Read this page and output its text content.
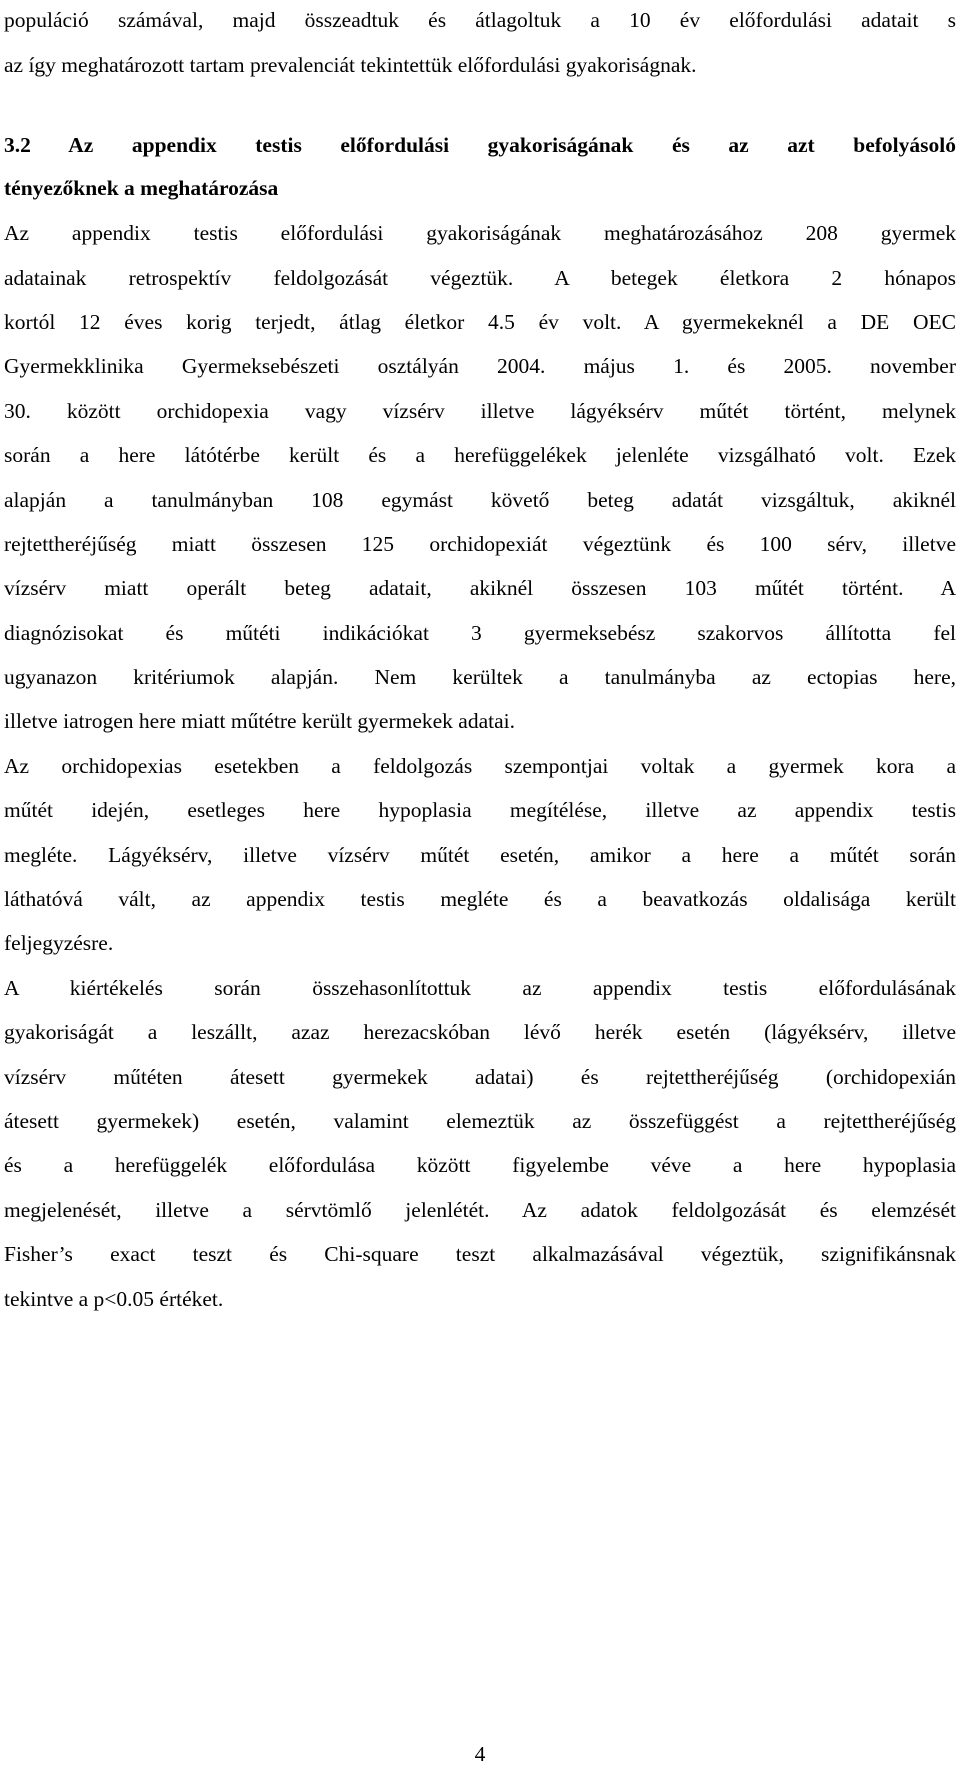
populáció számával, majd összeadtuk és átlagoltuk a 10 év előfordulási adatait s
az így meghatározott tartam prevalenciát tekintettük előfordulási gyakoriságnak.
3.2 Az appendix testis előfordulási gyakoriságának és az azt befolyásoló
tényezőknek a meghatározása
Az appendix testis előfordulási gyakoriságának meghatározásához 208 gyermek
adatainak retrospektív feldolgozását végeztük. A betegek életkora 2 hónapos
kortól 12 éves korig terjedt, átlag életkor 4.5 év volt. A gyermekeknél a DE OEC
Gyermekklinika Gyermeksebészeti osztályán 2004. május 1. és 2005. november
30. között orchidopexia vagy vízsérv illetve lágyéksérv műtét történt, melynek
során a here látótérbe került és a herefüggelékek jelenléte vizsgálható volt. Ezek
alapján a tanulmányban 108 egymást követő beteg adatát vizsgáltuk, akiknél
rejtettheréjűség miatt összesen 125 orchidopexiát végeztünk és 100 sérv, illetve
vízsérv miatt operált beteg adatait, akiknél összesen 103 műtét történt. A
diagnózisokat és műtéti indikációkat 3 gyermeksebész szakorvos állította fel
ugyanazon kritériumok alapján. Nem kerültek a tanulmányba az ectopias here,
illetve iatrogen here miatt műtétre került gyermekek adatai.
Az orchidopexias esetekben a feldolgozás szempontjai voltak a gyermek kora a
műtét idején, esetleges here hypoplasia megítélése, illetve az appendix testis
megléte. Lágyéksérv, illetve vízsérv műtét esetén, amikor a here a műtét során
láthatóvá vált, az appendix testis megléte és a beavatkozás oldalisága került
feljegyzésre.
A kiértékelés során összehasonlítottuk az appendix testis előfordulásának
gyakoriságát a leszállt, azaz herezacskóban lévő herék esetén (lágyéksérv, illetve
vízsérv műtéten átesett gyermekek adatai) és rejtettheréjűség (orchidopexián
átesett gyermekek) esetén, valamint elemeztük az összefüggést a rejtettheréjűség
és a herefüggelék előfordulása között figyelembe véve a here hypoplasia
megjelenését, illetve a sérvtömlő jelenlétét. Az adatok feldolgozását és elemzését
Fisher’s exact teszt és Chi-square teszt alkalmazásával végeztük, szignifikánsnak
tekintve a p<0.05 értéket.
4
